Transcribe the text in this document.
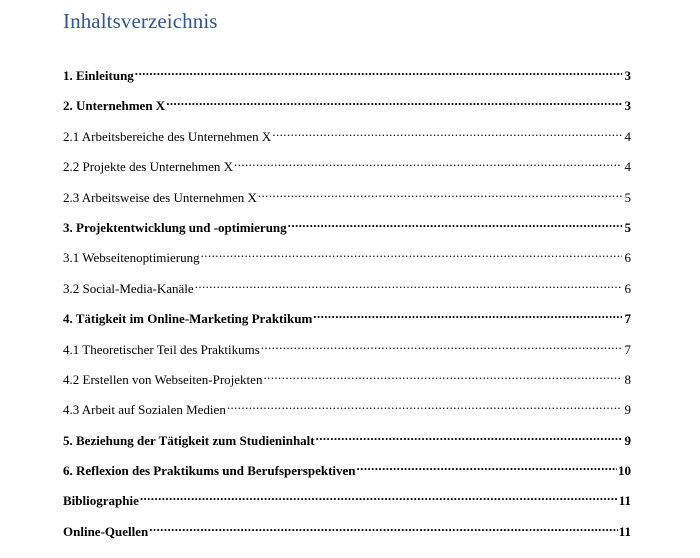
Inhaltsverzeichnis
1. Einleitung .....	3
2. Unternehmen X .....	3
2.1 Arbeitsbereiche des Unternehmen X .....	4
2.2 Projekte des Unternehmen X .....	4
2.3 Arbeitsweise des Unternehmen X .....	5
3. Projektentwicklung und -optimierung .....	5
3.1 Webseitenoptimierung .....	6
3.2 Social-Media-Kanäle .....	6
4. Tätigkeit im Online-Marketing Praktikum .....	7
4.1 Theoretischer Teil des Praktikums .....	7
4.2 Erstellen von Webseiten-Projekten .....	8
4.3 Arbeit auf Sozialen Medien .....	9
5. Beziehung der Tätigkeit zum Studieninhalt .....	9
6. Reflexion des Praktikums und Berufsperspektiven .....	10
Bibliographie .....	11
Online-Quellen .....	11
